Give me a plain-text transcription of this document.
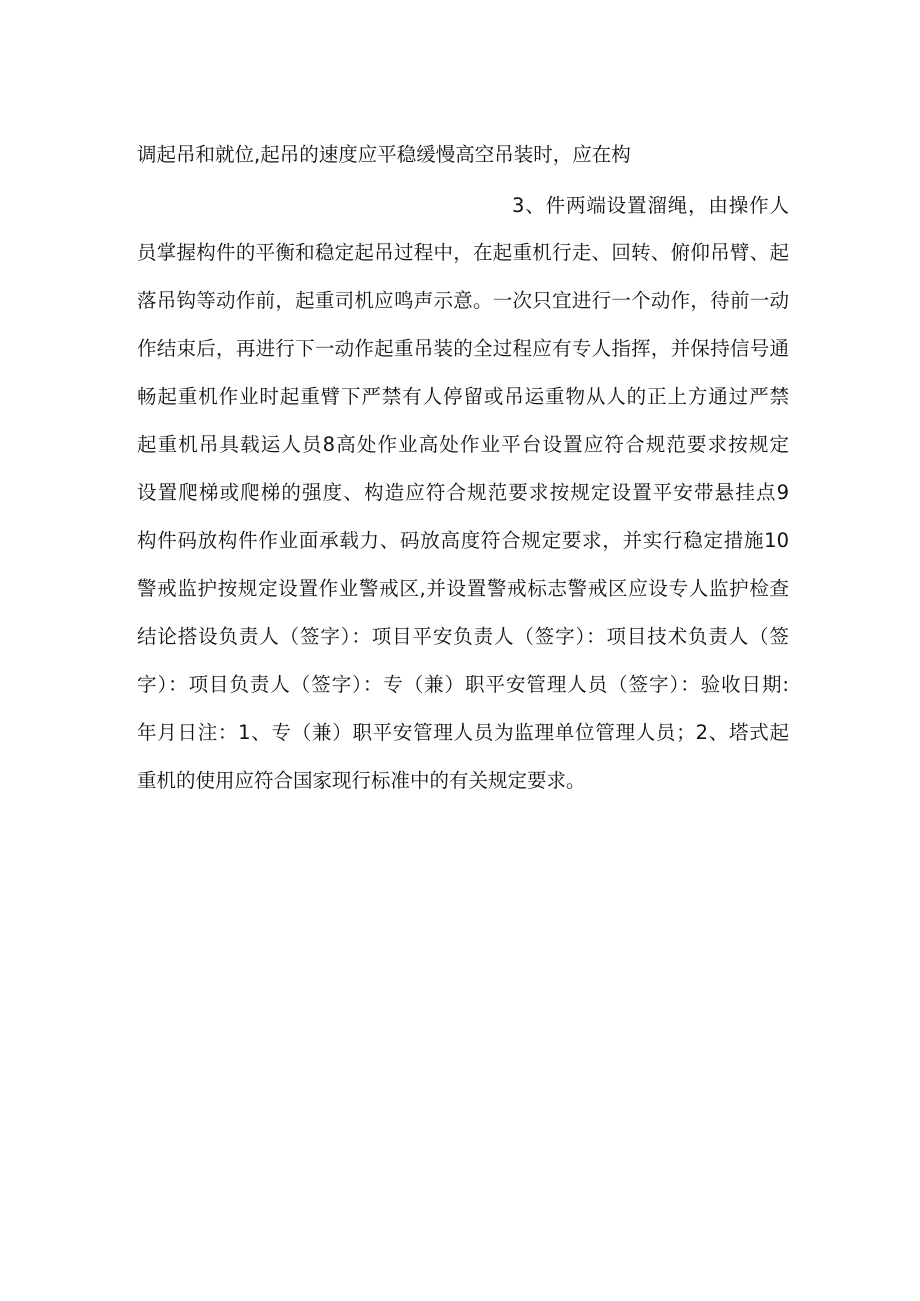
调起吊和就位,起吊的速度应平稳缓慢高空吊装时，应在构
3、件两端设置溜绳，由操作人
员掌握构件的平衡和稳定起吊过程中，在起重机行走、回转、俯仰吊臂、起
落吊钩等动作前，起重司机应鸣声示意。一次只宜进行一个动作，待前一动
作结束后，再进行下一动作起重吊装的全过程应有专人指挥，并保持信号通
畅起重机作业时起重臂下严禁有人停留或吊运重物从人的正上方通过严禁
起重机吊具载运人员8高处作业高处作业平台设置应符合规范要求按规定
设置爬梯或爬梯的强度、构造应符合规范要求按规定设置平安带悬挂点9
构件码放构件作业面承载力、码放高度符合规定要求，并实行稳定措施10
警戒监护按规定设置作业警戒区,并设置警戒标志警戒区应设专人监护检查
结论搭设负责人（签字）：项目平安负责人（签字）：项目技术负责人（签
字）：项目负责人（签字）：专（兼）职平安管理人员（签字）：验收日期:
年月日注：1、专（兼）职平安管理人员为监理单位管理人员；2、塔式起
重机的使用应符合国家现行标准中的有关规定要求。
